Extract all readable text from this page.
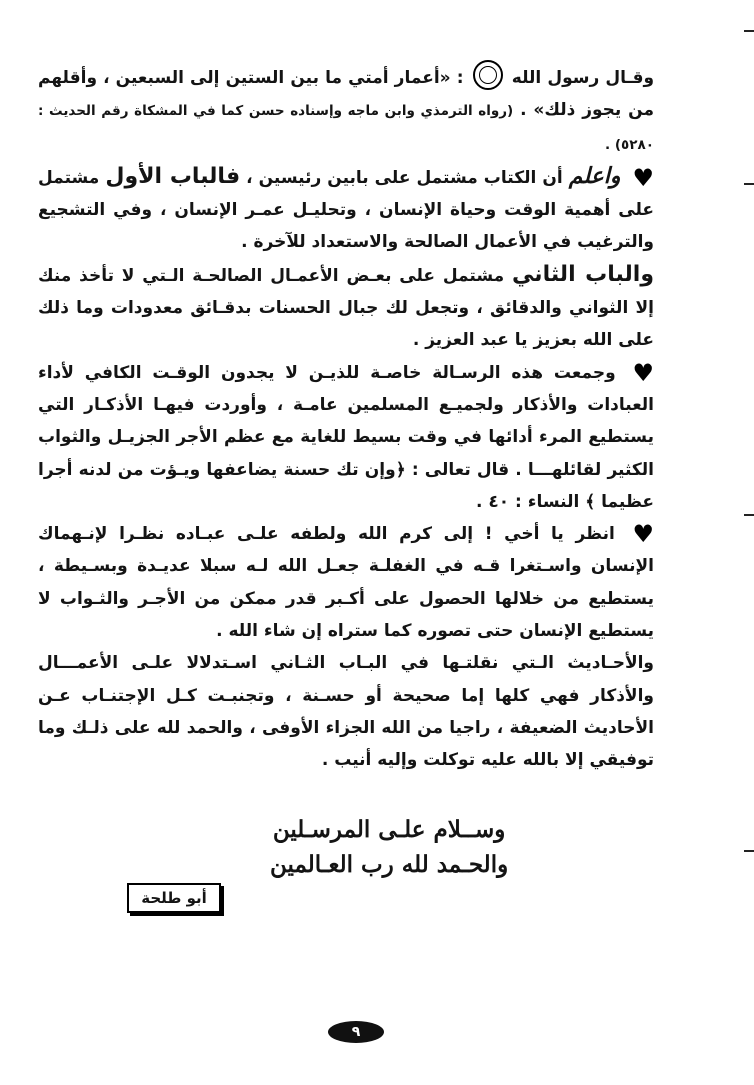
وقـال رسول الله  : «أعمار أمتي ما بين الستين إلى السبعين ، وأقلهم من يجوز ذلك» . (رواه الترمذي وابن ماجه وإسناده حسن كما في المشكاة رقم الحديث : ٥٢٨٠) .

♥ واعلم أن الكتاب مشتمل على بابين رئيسين ، فالباب الأول مشتمل على أهمية الوقت وحياة الإنسان ، وتحليـل عمـر الإنسان ، وفي التشجيع والترغيب في الأعمال الصالحة والاستعداد للآخرة .

والباب الثاني مشتمل على بعـض الأعمـال الصالحـة الـتي لا تأخذ منك إلا الثواني والدقائق ، وتجعل لك جبال الحسنات بدقـائق معدودات وما ذلك على الله بعزيز يا عبد العزيز .

♥ وجمعت هذه الرسـالة خاصـة للذيـن لا يجدون الوقـت الكافي لأداء العبادات والأذكار ولجميـع المسلمين عامـة ، وأوردت فيهـا الأذكـار التي يستطيع المرء أدائها في وقت بسيط للغاية مع عظم الأجر الجزيـل والثواب الكثير لقائلهـــا . قال تعالى : ﴿وإن تك حسنة يضاعفها ويـؤت من لدنه أجرا عظيما ﴾ النساء : ٤٠ .

♥ انظر يا أخي ! إلى كرم الله ولطفه علـى عبـاده نظـرا لإنـهماك الإنسان واسـتغرا قـه في الغفلـة جعـل الله لـه سبلا عديـدة وبسـيطة ، يستطيع من خلالها الحصول على أكـبر قدر ممكن من الأجـر والثـواب لا يستطيع الإنسان حتى تصوره كما ستراه إن شاء الله .

والأحـاديث الـتي نقلتـها في البـاب الثـاني اسـتدلالا علـى الأعمـــال والأذكار فهي كلها إما صحيحة أو حسـنة ، وتجنبـت كـل الإجتنـاب عـن الأحاديث الضعيفة ، راجيا من الله الجزاء الأوفى ، والحمد لله على ذلـك وما توفيقي إلا بالله عليه توكلت وإليه أنيب .

وســلام علـى المرسـلين
والحـمد لله رب العـالمين
أبو طلحة
٩
